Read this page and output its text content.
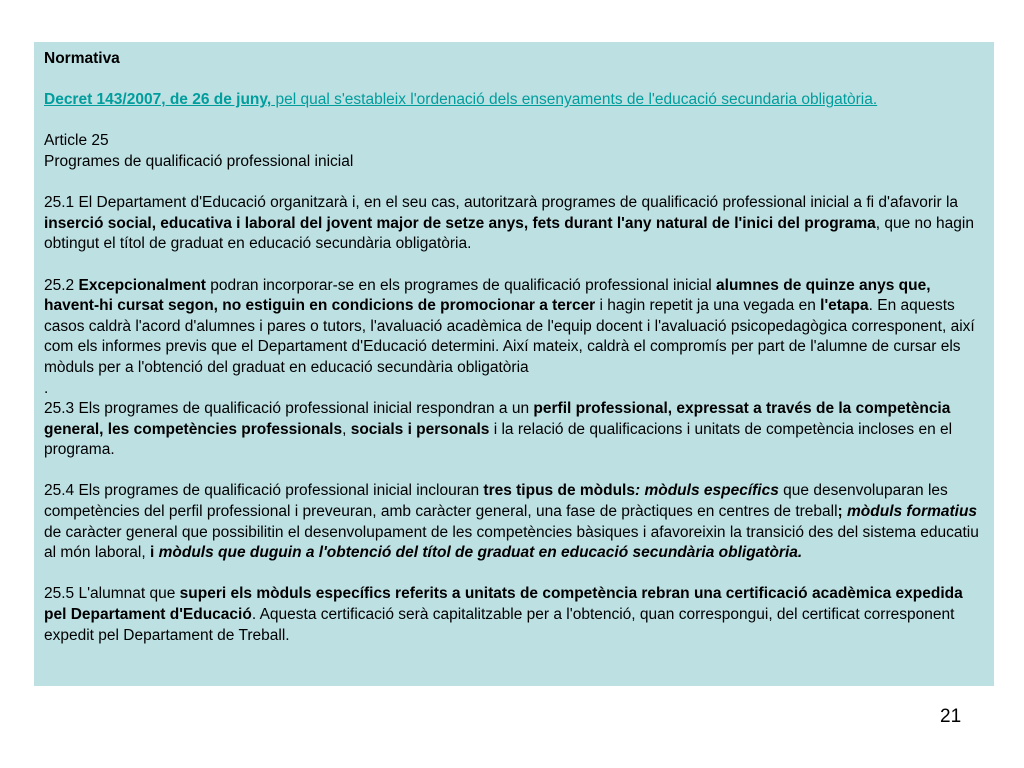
Normativa

Decret 143/2007, de 26 de juny, pel qual s'estableix l'ordenació dels ensenyaments de l'educació secundaria obligatòria.

Article 25

Programes de qualificació professional inicial

25.1 El Departament d'Educació organitzarà i, en el seu cas, autoritzarà programes de qualificació professional inicial a fi d'afavorir la inserció social, educativa i laboral del jovent major de setze anys, fets durant l'any natural de l'inici del programa, que no hagin obtingut el títol de graduat en educació secundària obligatòria.

25.2 Excepcionalment podran incorporar-se en els programes de qualificació professional inicial alumnes de quinze anys que, havent-hi cursat segon, no estiguin en condicions de promocionar a tercer i hagin repetit ja una vegada en l'etapa. En aquests casos caldrà l'acord d'alumnes i pares o tutors, l'avaluació acadèmica de l'equip docent i l'avaluació psicopedagògica corresponent, així com els informes previs que el Departament d'Educació determini. Així mateix, caldrà el compromís per part de l'alumne de cursar els mòduls per a l'obtenció del graduat en educació secundària obligatòria

.

25.3 Els programes de qualificació professional inicial respondran a un perfil professional, expressat a través de la competència general, les competències professionals, socials i personals i la relació de qualificacions i unitats de competència incloses en el programa.

25.4 Els programes de qualificació professional inicial inclouran tres tipus de mòduls: mòduls específics que desenvoluparan les competències del perfil professional i preveuran, amb caràcter general, una fase de pràctiques en centres de treball; mòduls formatius de caràcter general que possibilitin el desenvolupament de les competències bàsiques i afavoreixin la transició des del sistema educatiu al món laboral, i mòduls que duguin a l'obtenció del títol de graduat en educació secundària obligatòria.

25.5 L'alumnat que superi els mòduls específics referits a unitats de competència rebran una certificació acadèmica expedida pel Departament d'Educació. Aquesta certificació serà capitalitzable per a l'obtenció, quan correspongui, del certificat corresponent expedit pel Departament de Treball.

21
